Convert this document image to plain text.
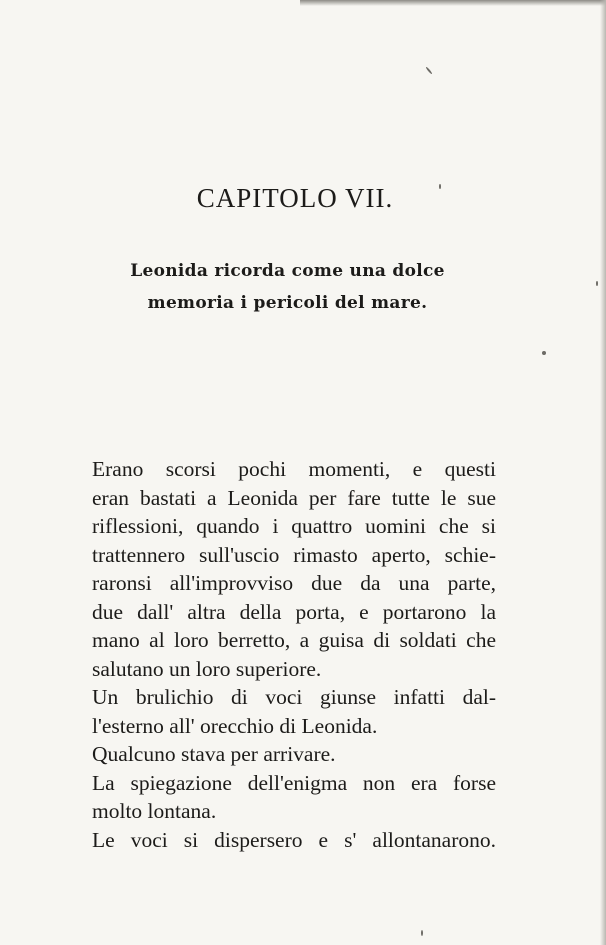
CAPITOLO VII.
Leonida ricorda come una dolce
memoria i pericoli del mare.
Erano scorsi pochi momenti, e questi
eran bastati a Leonida per fare tutte le sue
riflessioni, quando i quattro uomini che si
trattennero sull'uscio rimasto aperto, schie-
raronsi all'improvviso due da una parte,
due dall' altra della porta, e portarono la
mano al loro berretto, a guisa di soldati che
salutano un loro superiore.
Un brulichio di voci giunse infatti dal-
l'esterno all' orecchio di Leonida.
Qualcuno stava per arrivare.
La spiegazione dell'enigma non era forse
molto lontana.
Le voci si dispersero e s' allontanarono.
